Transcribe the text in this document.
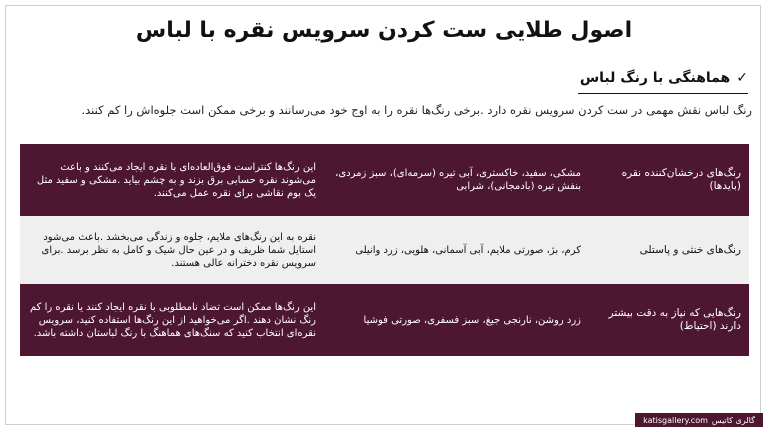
اصول طلایی ست کردن سرویس نقره با لباس
✓
هماهنگی با رنگ لباس
رنگ لباس نقش مهمی در ست کردن سرویس نقره دارد .برخی رنگ‌ها نقره را به اوج خود می‌رسانند و برخی ممکن است جلوه‌اش را کم کنند.
رنگ‌های درخشان‌کننده نقره (بایدها)
مشکی، سفید، خاکستری، آبی تیره (سرمه‌ای)، سبز زمردی، بنفش تیره (بادمجانی)، شرابی
این رنگ‌ها کنتراست فوق‌العاده‌ای با نقره ایجاد می‌کنند و باعث می‌شوند نقره حسابی برق بزند و به چشم بیاید .مشکی و سفید مثل یک بوم نقاشی برای نقره عمل می‌کنند.
رنگ‌های خنثی و پاستلی
کرم، بژ، صورتی ملایم، آبی آسمانی، هلویی، زرد وانیلی
نقره به این رنگ‌های ملایم، جلوه و زندگی می‌بخشد .باعث می‌شود استایل شما ظریف و در عین حال شیک و کامل به نظر برسد .برای سرویس نقره دخترانه عالی هستند.
رنگ‌هایی که نیاز به دقت بیشتر دارند (احتیاط)
زرد روشن، نارنجی جیغ، سبز فسفری، صورتی فوشیا
این رنگ‌ها ممکن است تضاد نامطلوبی با نقره ایجاد کنند یا نقره را کم رنگ نشان دهند .اگر می‌خواهید از این رنگ‌ها استفاده کنید، سرویس نقره‌ای انتخاب کنید که سنگ‌های هماهنگ با رنگ لباستان داشته باشد.
گالری کاتیس
katisgallery.com
